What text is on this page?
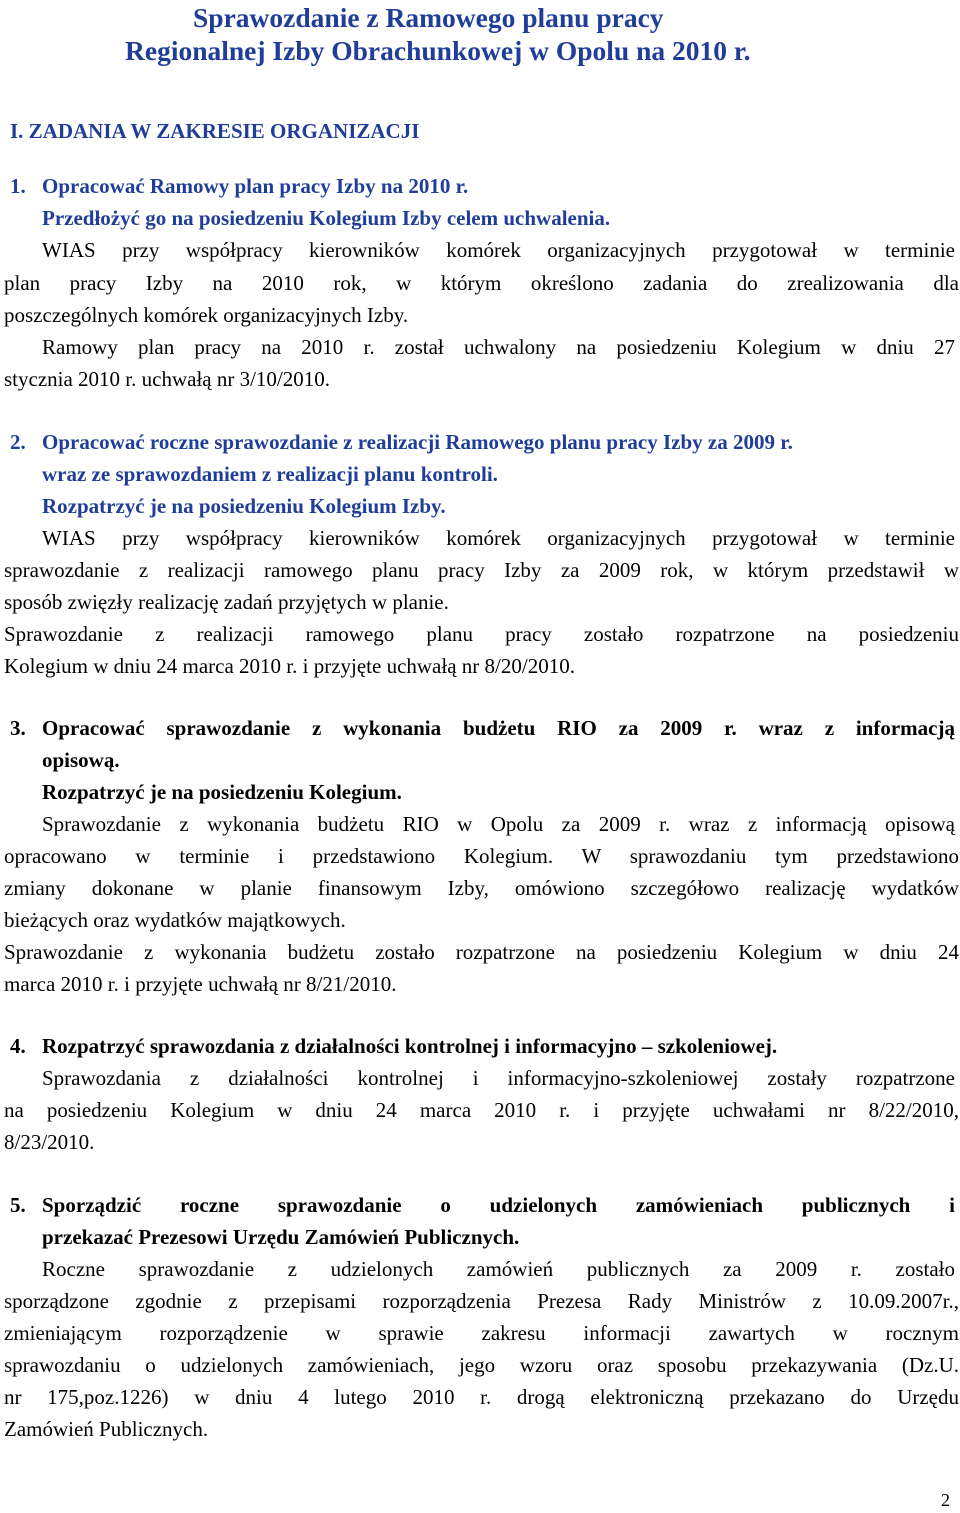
Sprawozdanie z Ramowego planu pracy
Regionalnej Izby Obrachunkowej w Opolu na 2010 r.
I. ZADANIA W ZAKRESIE ORGANIZACJI
1. Opracować Ramowy plan pracy Izby na 2010 r.
Przedłożyć go na posiedzeniu Kolegium Izby celem uchwalenia.
WIAS przy współpracy kierowników komórek organizacyjnych przygotował w terminie
plan pracy Izby na 2010 rok, w którym określono zadania do zrealizowania dla
poszczególnych komórek organizacyjnych Izby.
Ramowy plan pracy na 2010 r. został uchwalony na posiedzeniu Kolegium w dniu 27
stycznia 2010 r. uchwałą nr 3/10/2010.
2. Opracować roczne sprawozdanie z realizacji Ramowego planu pracy Izby za 2009 r.
wraz ze sprawozdaniem z realizacji planu kontroli.
Rozpatrzyć je na posiedzeniu Kolegium Izby.
WIAS przy współpracy kierowników komórek organizacyjnych przygotował w terminie
sprawozdanie z realizacji ramowego planu pracy Izby za 2009 rok, w którym przedstawił w
sposób zwięzły realizację zadań przyjętych w planie.
Sprawozdanie z realizacji ramowego planu pracy zostało rozpatrzone na posiedzeniu
Kolegium w dniu 24 marca 2010 r. i przyjęte uchwałą nr 8/20/2010.
3. Opracować sprawozdanie z wykonania budżetu RIO za 2009 r. wraz z informacją
opisową.
Rozpatrzyć je na posiedzeniu Kolegium.
Sprawozdanie z wykonania budżetu RIO w Opolu za 2009 r. wraz z informacją opisową
opracowano w terminie i przedstawiono Kolegium. W sprawozdaniu tym przedstawiono
zmiany dokonane w planie finansowym Izby, omówiono szczegółowo realizację wydatków
bieżących oraz wydatków majątkowych.
Sprawozdanie z wykonania budżetu zostało rozpatrzone na posiedzeniu Kolegium w dniu 24
marca 2010 r. i przyjęte uchwałą nr 8/21/2010.
4. Rozpatrzyć sprawozdania z działalności kontrolnej i informacyjno – szkoleniowej.
Sprawozdania z działalności kontrolnej i informacyjno-szkoleniowej zostały rozpatrzone
na posiedzeniu Kolegium w dniu 24 marca 2010 r. i przyjęte uchwałami nr 8/22/2010,
8/23/2010.
5. Sporządzić roczne sprawozdanie o udzielonych zamówieniach publicznych i
przekazać Prezesowi Urzędu Zamówień Publicznych.
Roczne sprawozdanie z udzielonych zamówień publicznych za 2009 r. zostało
sporządzone zgodnie z przepisami rozporządzenia Prezesa Rady Ministrów z 10.09.2007r.,
zmieniającym rozporządzenie w sprawie zakresu informacji zawartych w rocznym
sprawozdaniu o udzielonych zamówieniach, jego wzoru oraz sposobu przekazywania (Dz.U.
nr 175,poz.1226) w dniu 4 lutego 2010 r. drogą elektroniczną przekazano do Urzędu
Zamówień Publicznych.
2
